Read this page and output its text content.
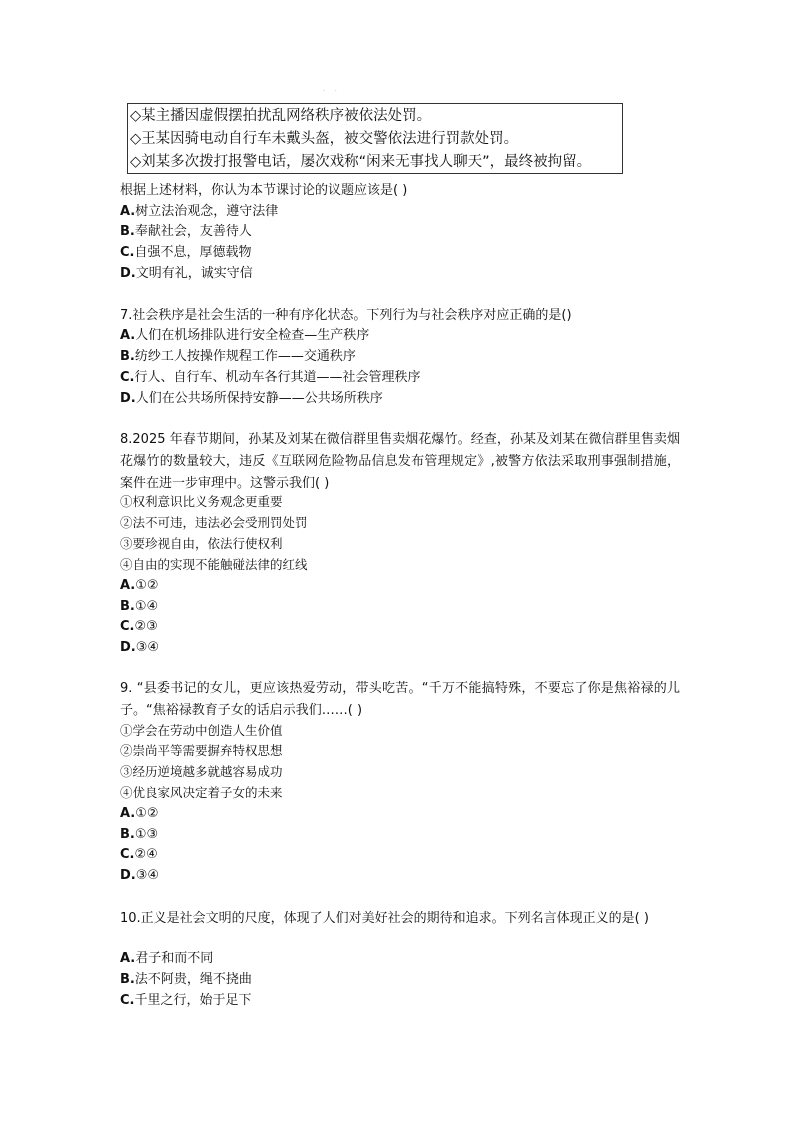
· ·
◇某主播因虚假摆拍扰乱网络秩序被依法处罚。
◇王某因骑电动自行车未戴头盔，被交警依法进行罚款处罚。
◇刘某多次拨打报警电话，屡次戏称“闲来无事找人聊天”，最终被拘留。
根据上述材料，你认为本节课讨论的议题应该是( )
A.树立法治观念，遵守法律
B.奉献社会，友善待人
C.自强不息，厚德载物
D.文明有礼，诚实守信
7.社会秩序是社会生活的一种有序化状态。下列行为与社会秩序对应正确的是()
A.人们在机场排队进行安全检查—生产秩序
B.纺纱工人按操作规程工作——交通秩序
C.行人、自行车、机动车各行其道——社会管理秩序
D.人们在公共场所保持安静——公共场所秩序
8.2025 年春节期间，孙某及刘某在微信群里售卖烟花爆竹。经查，孙某及刘某在微信群里售卖烟花爆竹的数量较大，违反《互联网危险物品信息发布管理规定》,被警方依法采取刑事强制措施，案件在进一步审理中。这警示我们( )
①权利意识比义务观念更重要
②法不可违，违法必会受刑罚处罚
③要珍视自由，依法行使权利
④自由的实现不能触碰法律的红线
A.①②
B.①④
C.②③
D.③④
9. “县委书记的女儿，更应该热爱劳动，带头吃苦。“千万不能搞特殊，不要忘了你是焦裕禄的儿子。“焦裕禄教育子女的话启示我们……( )
①学会在劳动中创造人生价值
②崇尚平等需要摒弃特权思想
③经历逆境越多就越容易成功
④优良家风决定着子女的未来
A.①②
B.①③
C.②④
D.③④
10.正义是社会文明的尺度，体现了人们对美好社会的期待和追求。下列名言体现正义的是( )
A.君子和而不同
B.法不阿贵，绳不挠曲
C.千里之行，始于足下
